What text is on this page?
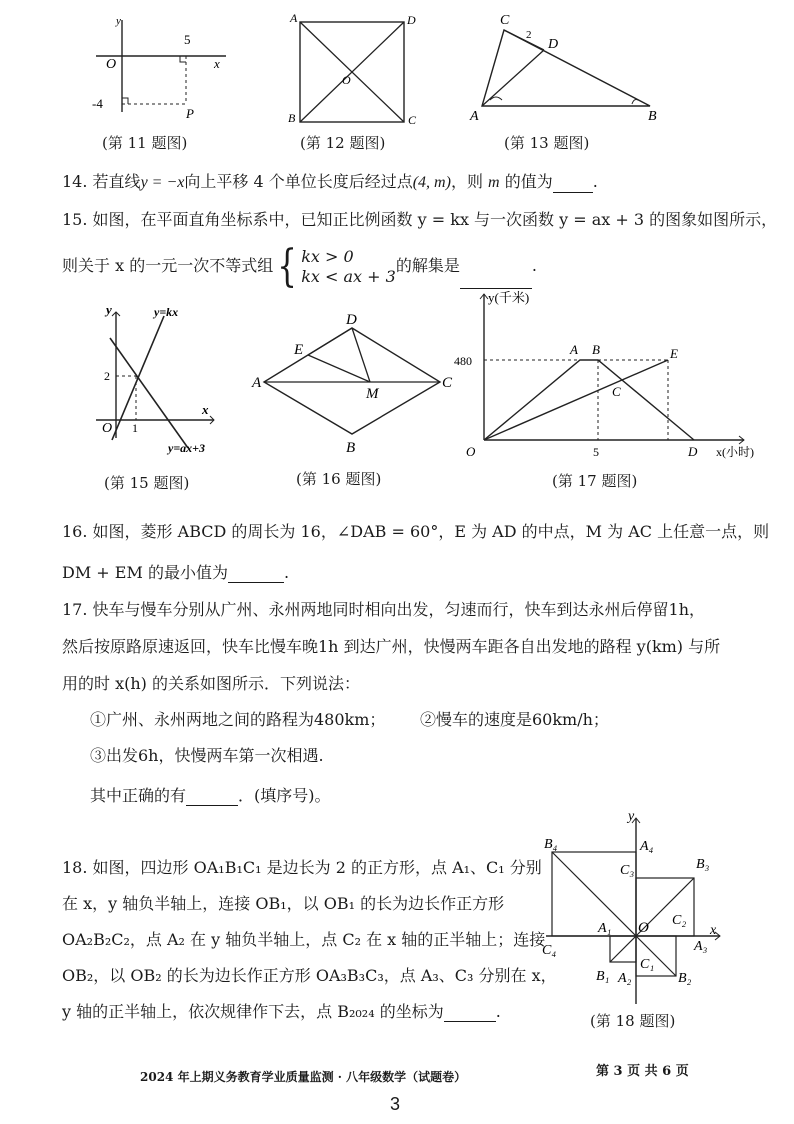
y
5
x
O
-4
P
(第 11 题图)
A	D
O
B	C
(第 12 题图)
C
D
A	B
2
(第 13 题图)
14. 若直线y = −x向上平移 4 个单位长度后经过点(4, m)，则 m 的值为	.
15. 如图，在平面直角坐标系中，已知正比例函数 y = kx 与一次函数 y = ax + 3 的图象如图所示，
则关于 x 的一元一次不等式组{ kx > 0
kx < ax + 3的解集是	.
y	y=kx
2
x
O 1
y=ax+3
(第 15 题图)
D
E
A
M
C
B
(第 16 题图)
y(千米)
480
A B	E
C
O	5	D x(小时)
(第 17 题图)
16. 如图，菱形 ABCD 的周长为 16，∠DAB = 60°，E 为 AD 的中点，M 为 AC 上任意一点，则
DM + EM 的最小值为	.
17. 快车与慢车分别从广州、永州两地同时相向出发，匀速而行，快车到达永州后停留1h，
然后按原路原速返回，快车比慢车晚1h 到达广州，快慢两车距各自出发地的路程 y(km) 与所
用的时 x(h) 的关系如图所示．下列说法：
①广州、永州两地之间的路程为480km； ②慢车的速度是60km/h；
③出发6h，快慢两车第一次相遇.
其中正确的有	．(填序号)。
18. 如图，四边形 OA₁B₁C₁ 是边长为 2 的正方形，点 A₁、C₁ 分别
在 x，y 轴负半轴上，连接 OB₁，以 OB₁ 的长为边长作正方形
OA₂B₂C₂，点 A₂ 在 y 轴负半轴上，点 C₂ 在 x 轴的正半轴上；连接
OB₂，以 OB₂ 的长为边长作正方形 OA₃B₃C₃，点 A₃、C₃ 分别在 x，
y 轴的正半轴上，依次规律作下去，点 B₂₀₂₄ 的坐标为	.
y
B₄	A₄
C₃	B₃
A₁ O C₂
x
C₄	A₃
C₁
B₁ A₂	B₂
(第 18 题图)
2024 年上期义务教育学业质量监测 · 八年级数学（试题卷）	第 3 页 共 6 页
3
